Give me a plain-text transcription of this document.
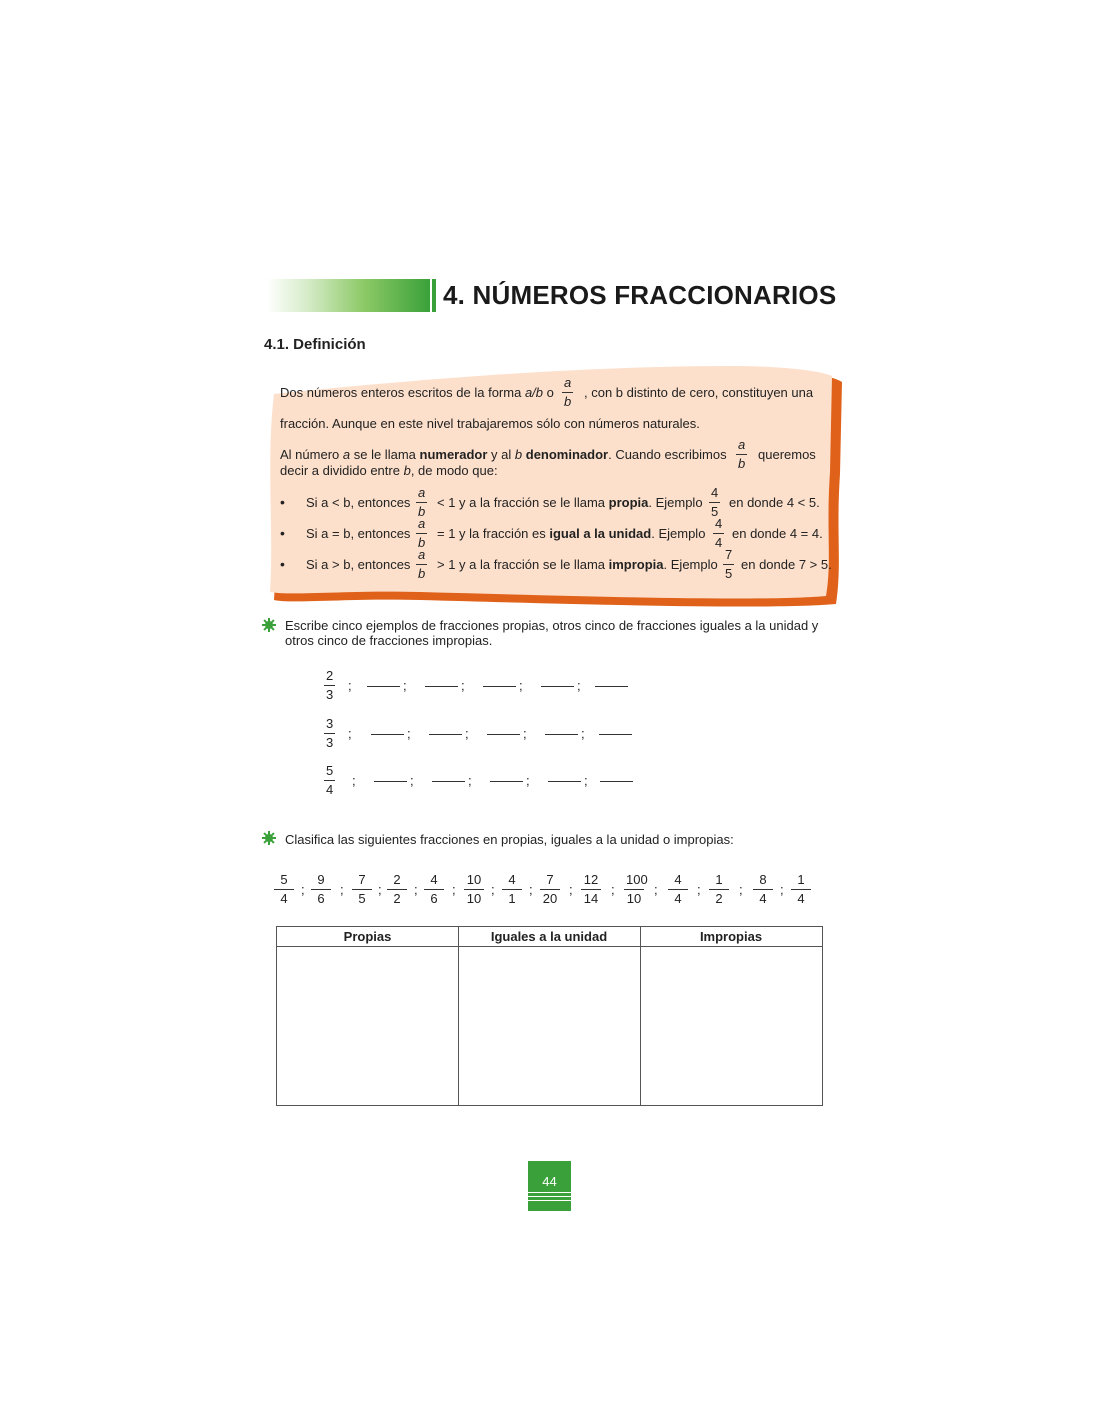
4. NÚMEROS FRACCIONARIOS
4.1. Definición
Dos números enteros escritos de la forma a/b o
a
b
, con b distinto de cero, constituyen una
fracción. Aunque en este nivel trabajaremos sólo con números naturales.
Al número a se le llama numerador y al b denominador. Cuando escribimos
a
b
queremos
decir a dividido entre b, de modo que:
• Si a < b, entonces
a
b
< 1 y a la fracción se le llama propia. Ejemplo
4
5
en donde 4 < 5.
• Si a = b, entonces
a
b
= 1 y la fracción es igual a la unidad. Ejemplo
4
4
en donde 4 = 4.
• Si a > b, entonces
a
b
> 1 y a la fracción se le llama impropia. Ejemplo
7
5
en donde 7 > 5.
Escribe cinco ejemplos de fracciones propias, otros cinco de fracciones iguales a la unidad y
otros cinco de fracciones impropias.
2
3
;	;	;	;	;
3
3
;	;	;	;	;
5
4
;	;	;	;	;
Clasifica las siguientes fracciones en propias, iguales a la unidad o impropias:
5
4
;
9
6
;
7
5
;
2
2
;
4
6
;
10
10
;
4
1
;
7
20
;
12
14
;
100
10
;
4
4
;
1
2
;
8
4
;
1
4
Propias	Iguales a la unidad	Impropias
44
